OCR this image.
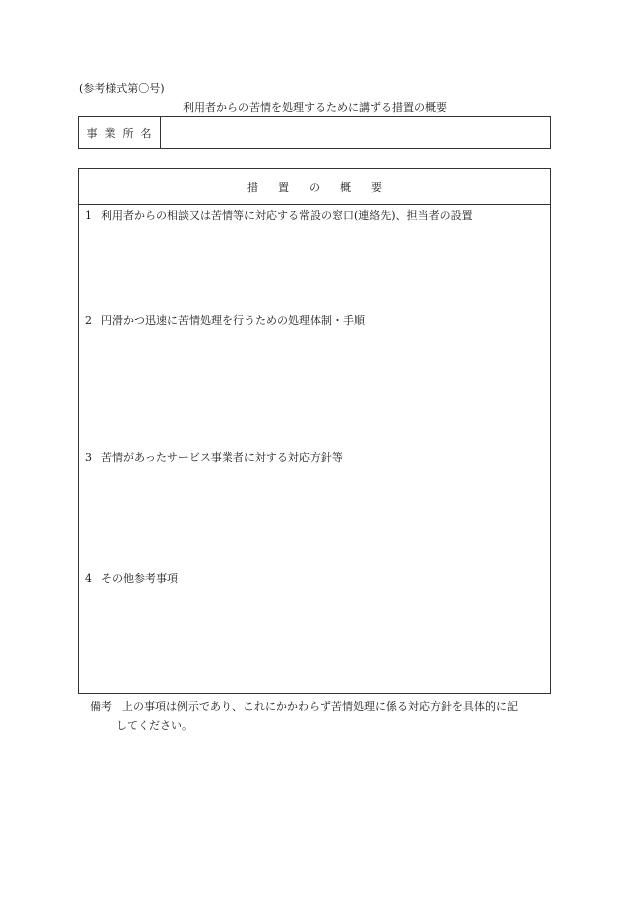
(参考様式第〇号)
利用者からの苦情を処理するために講ずる措置の概要
事業所名
措置の概要
1 利用者からの相談又は苦情等に対応する常設の窓口(連絡先)、担当者の設置
2 円滑かつ迅速に苦情処理を行うための処理体制・手順
3 苦情があったサービス事業者に対する対応方針等
4 その他参考事項
備考 上の事項は例示であり、これにかかわらず苦情処理に係る対応方針を具体的に記
してください。
